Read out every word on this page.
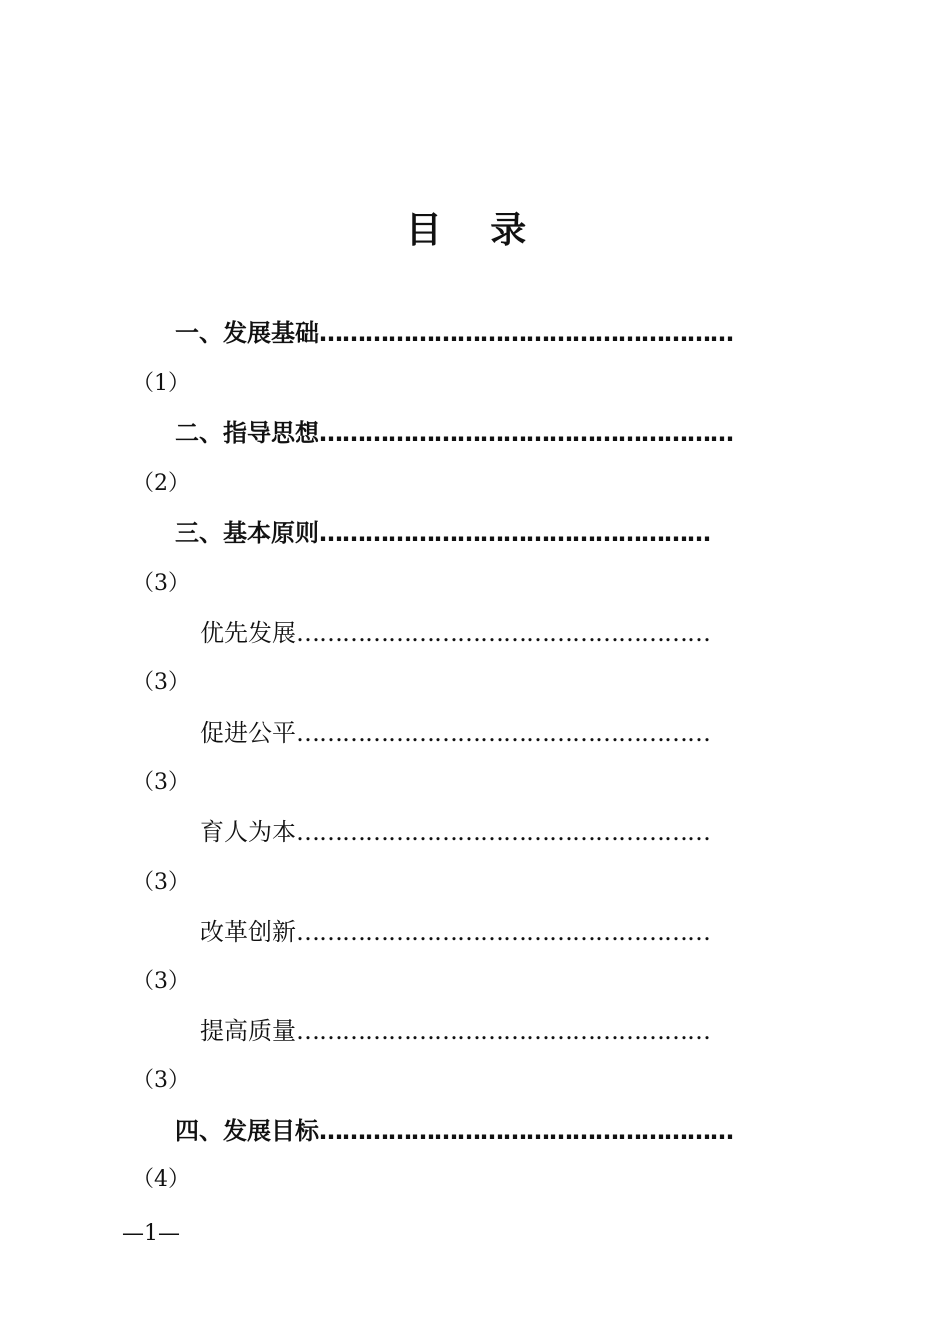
目 录
一、发展基础………………………………………………
（1）
二、指导思想………………………………………………
（2）
三、基本原则……………………………………………
（3）
优先发展………………………………………………
（3）
促进公平………………………………………………
（3）
育人为本………………………………………………
（3）
改革创新………………………………………………
（3）
提高质量………………………………………………
（3）
四、发展目标………………………………………………
（4）
—1—
